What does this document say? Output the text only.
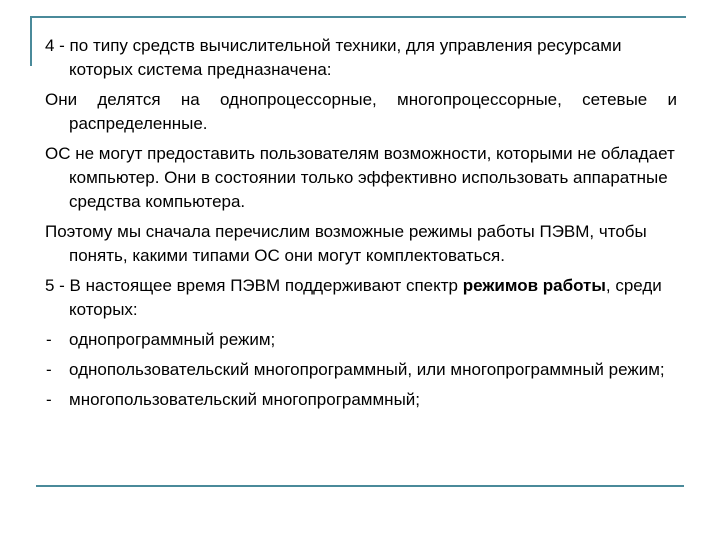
4 - по типу средств вычислительной техники, для управления ресурсами которых система предназначена:

Они делятся на однопроцессорные, многопроцессорные, сетевые и распределенные.

ОС не могут предоставить пользователям возможности, которыми не обладает компьютер. Они в состоянии только эффективно использовать аппаратные средства компьютера.

Поэтому мы сначала перечислим возможные режимы работы ПЭВМ, чтобы понять, какими типами ОС они могут комплектоваться.

5 - В настоящее время ПЭВМ поддерживают спектр режимов работы, среди которых:

- однопрограммный режим;
- однопользовательский многопрограммный, или многопрограммный режим;
- многопользовательский многопрограммный;
